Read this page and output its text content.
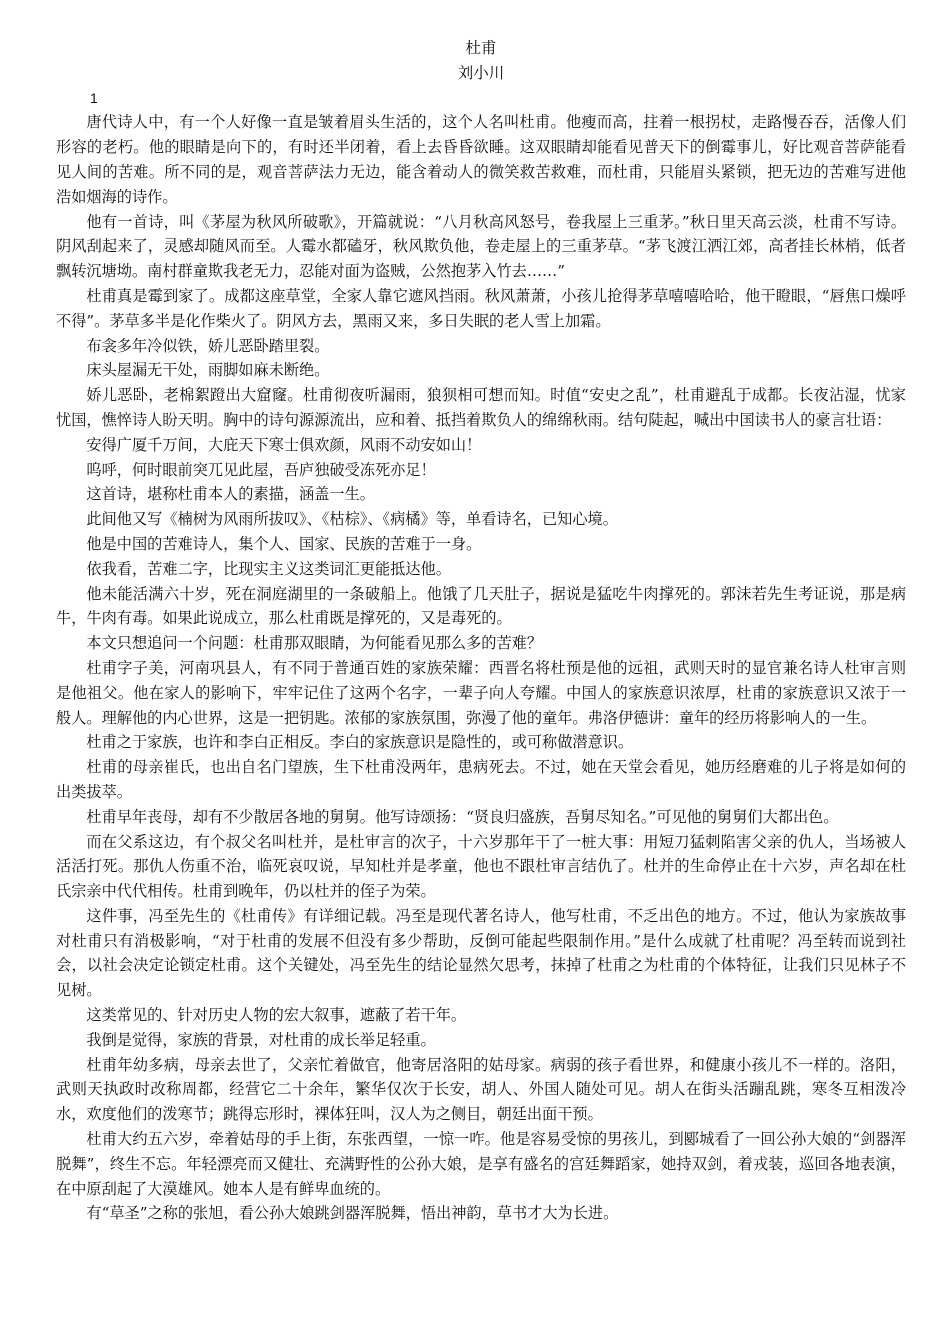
杜甫

刘小川

1

唐代诗人中，有一个人好像一直是皱着眉头生活的，这个人名叫杜甫。他瘦而高，拄着一根拐杖，走路慢吞吞，活像人们形容的老朽。他的眼睛是向下的，有时还半闭着，看上去昏昏欲睡。这双眼睛却能看见普天下的倒霉事儿，好比观音菩萨能看见人间的苦难。所不同的是，观音菩萨法力无边，能含着动人的微笑救苦救难，而杜甫，只能眉头紧锁，把无边的苦难写进他浩如烟海的诗作。

他有一首诗，叫《茅屋为秋风所破歌》，开篇就说：“八月秋高风怒号，卷我屋上三重茅。”秋日里天高云淡，杜甫不写诗。阴风刮起来了，灵感却随风而至。人霉水都磕牙，秋风欺负他，卷走屋上的三重茅草。“茅飞渡江洒江郊，高者挂长林梢，低者飘转沉塘坳。南村群童欺我老无力，忍能对面为盗贼，公然抱茅入竹去……”

杜甫真是霉到家了。成都这座草堂，全家人靠它遮风挡雨。秋风萧萧，小孩儿抢得茅草嘻嘻哈哈，他干瞪眼，“唇焦口燥呼不得”。茅草多半是化作柴火了。阴风方去，黑雨又来，多日失眠的老人雪上加霜。

布衾多年冷似铁，娇儿恶卧踏里裂。

床头屋漏无干处，雨脚如麻未断绝。

娇儿恶卧，老棉絮蹬出大窟窿。杜甫彻夜听漏雨，狼狈相可想而知。时值“安史之乱”，杜甫避乱于成都。长夜沾湿，忧家忧国，憔悴诗人盼天明。胸中的诗句源源流出，应和着、抵挡着欺负人的绵绵秋雨。结句陡起，喊出中国读书人的豪言壮语：

安得广厦千万间，大庇天下寒士俱欢颜，风雨不动安如山！

呜呼，何时眼前突兀见此屋，吾庐独破受冻死亦足！

这首诗，堪称杜甫本人的素描，涵盖一生。

此间他又写《楠树为风雨所拔叹》、《枯棕》、《病橘》等，单看诗名，已知心境。

他是中国的苦难诗人，集个人、国家、民族的苦难于一身。

依我看，苦难二字，比现实主义这类词汇更能抵达他。

他未能活满六十岁，死在洞庭湖里的一条破船上。他饿了几天肚子，据说是猛吃牛肉撑死的。郭沫若先生考证说，那是病牛，牛肉有毒。如果此说成立，那么杜甫既是撑死的，又是毒死的。

本文只想追问一个问题：杜甫那双眼睛，为何能看见那么多的苦难？

杜甫字子美，河南巩县人，有不同于普通百姓的家族荣耀：西晋名将杜预是他的远祖，武则天时的显官兼名诗人杜审言则是他祖父。他在家人的影响下，牢牢记住了这两个名字，一辈子向人夸耀。中国人的家族意识浓厚，杜甫的家族意识又浓于一般人。理解他的内心世界，这是一把钥匙。浓郁的家族氛围，弥漫了他的童年。弗洛伊德讲：童年的经历将影响人的一生。

杜甫之于家族，也许和李白正相反。李白的家族意识是隐性的，或可称做潜意识。

杜甫的母亲崔氏，也出自名门望族，生下杜甫没两年，患病死去。不过，她在天堂会看见，她历经磨难的儿子将是如何的出类拔萃。

杜甫早年丧母，却有不少散居各地的舅舅。他写诗颂扬：“贤良归盛族，吾舅尽知名。”可见他的舅舅们大都出色。

而在父系这边，有个叔父名叫杜并，是杜审言的次子，十六岁那年干了一桩大事：用短刀猛刺陷害父亲的仇人，当场被人活活打死。那仇人伤重不治，临死哀叹说，早知杜并是孝童，他也不跟杜审言结仇了。杜并的生命停止在十六岁，声名却在杜氏宗亲中代代相传。杜甫到晚年，仍以杜并的侄子为荣。

这件事，冯至先生的《杜甫传》有详细记载。冯至是现代著名诗人，他写杜甫，不乏出色的地方。不过，他认为家族故事对杜甫只有消极影响，“对于杜甫的发展不但没有多少帮助，反倒可能起些限制作用。”是什么成就了杜甫呢？冯至转而说到社会，以社会决定论锁定杜甫。这个关键处，冯至先生的结论显然欠思考，抹掉了杜甫之为杜甫的个体特征，让我们只见林子不见树。

这类常见的、针对历史人物的宏大叙事，遮蔽了若干年。

我倒是觉得，家族的背景，对杜甫的成长举足轻重。

杜甫年幼多病，母亲去世了，父亲忙着做官，他寄居洛阳的姑母家。病弱的孩子看世界，和健康小孩儿不一样的。洛阳，武则天执政时改称周都，经营它二十余年，繁华仅次于长安，胡人、外国人随处可见。胡人在街头活蹦乱跳，寒冬互相泼冷水，欢度他们的泼寒节；跳得忘形时，裸体狂叫，汉人为之侧目，朝廷出面干预。

杜甫大约五六岁，牵着姑母的手上街，东张西望，一惊一咋。他是容易受惊的男孩儿，到郾城看了一回公孙大娘的“剑器浑脱舞”，终生不忘。年轻漂亮而又健壮、充满野性的公孙大娘，是享有盛名的宫廷舞蹈家，她持双剑，着戎装，巡回各地表演，在中原刮起了大漠雄风。她本人是有鲜卑血统的。

有“草圣”之称的张旭，看公孙大娘跳剑器浑脱舞，悟出神韵，草书才大为长进。
